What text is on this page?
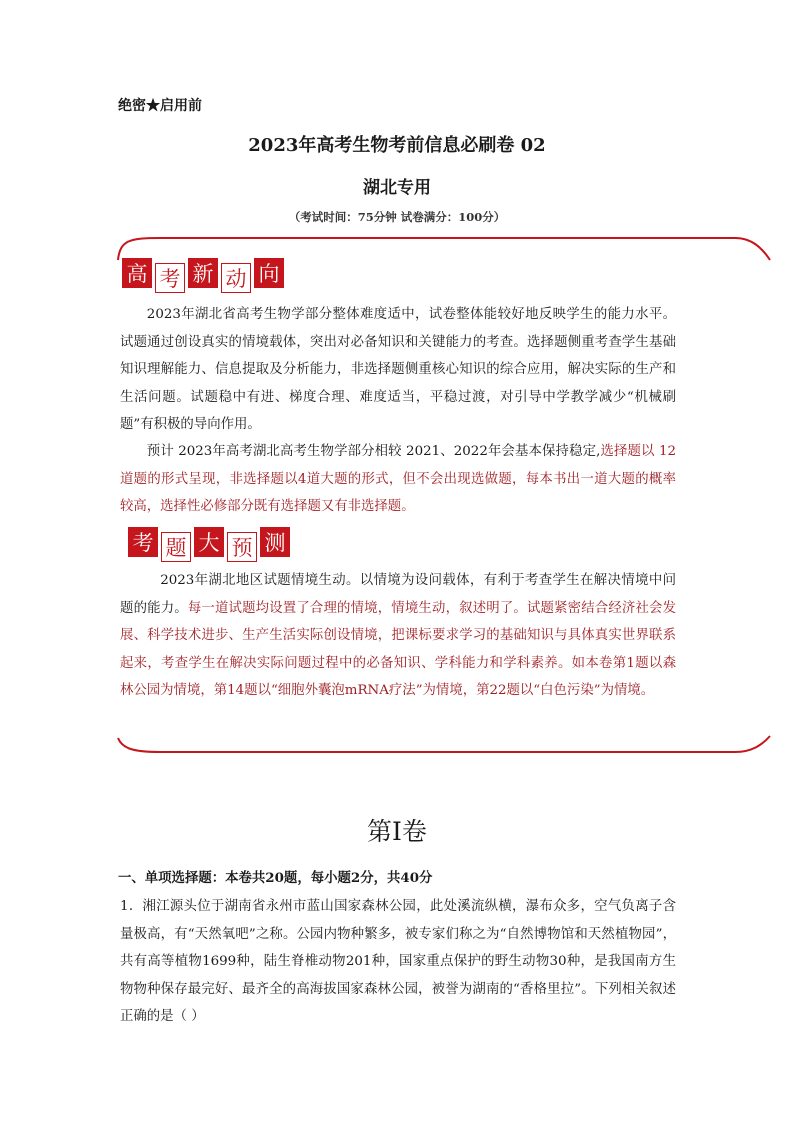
绝密★启用前
2023年高考生物考前信息必刷卷 02
湖北专用
（考试时间：75分钟 试卷满分：100分）
高 考 新 动 向
2023年湖北省高考生物学部分整体难度适中，试卷整体能较好地反映学生的能力水平。试题通过创设真实的情境载体，突出对必备知识和关键能力的考查。选择题侧重考查学生基础知识理解能力、信息提取及分析能力，非选择题侧重核心知识的综合应用，解决实际的生产和生活问题。试题稳中有进、梯度合理、难度适当，平稳过渡，对引导中学教学减少“机械刷题”有积极的导向作用。
预计 2023年高考湖北高考生物学部分相较 2021、2022年会基本保持稳定,选择题以 12道题的形式呈现，非选择题以4道大题的形式，但不会出现选做题，每本书出一道大题的概率较高，选择性必修部分既有选择题又有非选择题。
考 题 大 预 测
2023年湖北地区试题情境生动。以情境为设问载体，有利于考查学生在解决情境中问题的能力。每一道试题均设置了合理的情境，情境生动，叙述明了。试题紧密结合经济社会发展、科学技术进步、生产生活实际创设情境，把课标要求学习的基础知识与具体真实世界联系起来，考查学生在解决实际问题过程中的必备知识、学科能力和学科素养。如本卷第1题以森林公园为情境，第14题以“细胞外囊泡mRNA疗法”为情境，第22题以“白色污染”为情境。
第Ⅰ卷
一、单项选择题：本卷共20题，每小题2分，共40分
1．湘江源头位于湖南省永州市蓝山国家森林公园，此处溪流纵横，瀑布众多，空气负离子含量极高，有“天然氧吧”之称。公园内物种繁多，被专家们称之为“自然博物馆和天然植物园”，共有高等植物1699种，陆生脊椎动物201种，国家重点保护的野生动物30种，是我国南方生物物种保存最完好、最齐全的高海拔国家森林公园，被誉为湖南的“香格里拉”。下列相关叙述正确的是（ ）
